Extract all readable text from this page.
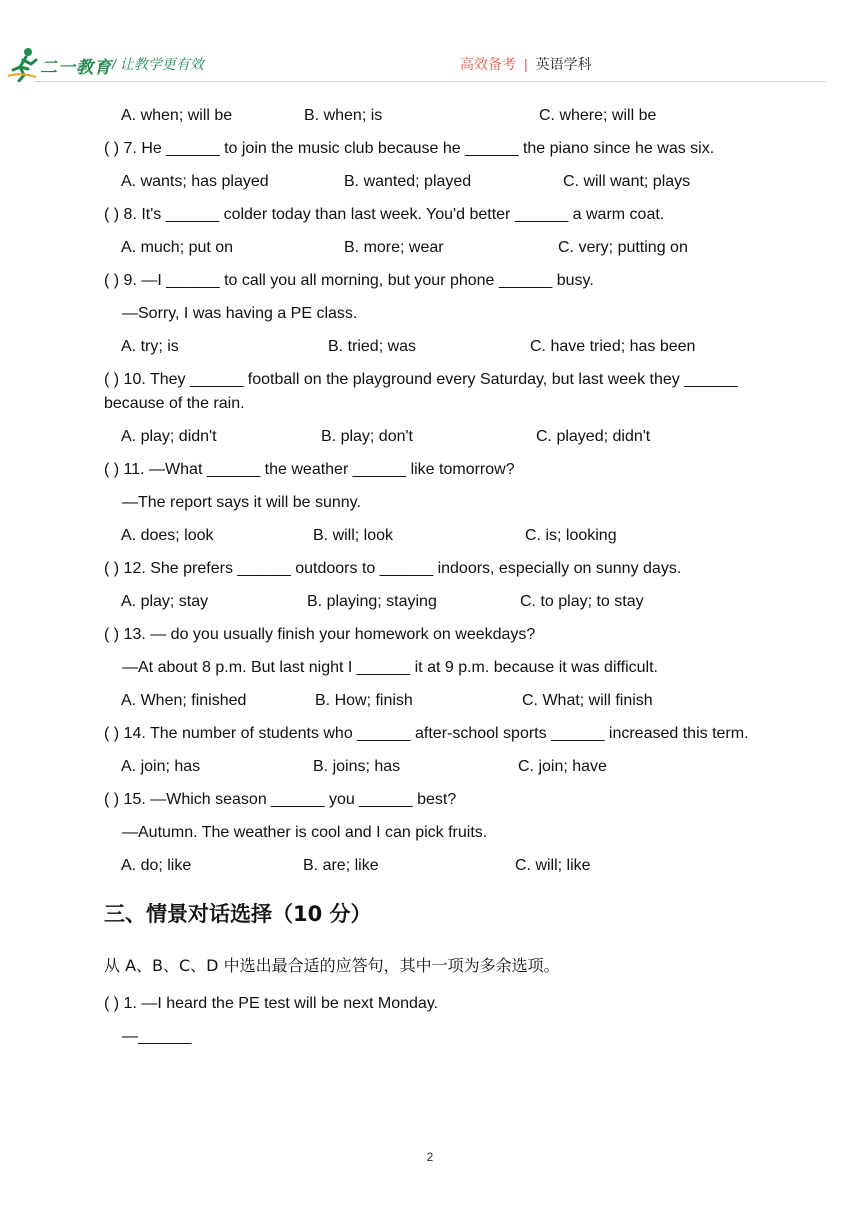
二一教育 / 让教学更有效	高效备考 | 英语学科
A. when; will be	B. when; is	C. where; will be

( ) 7. He ______ to join the music club because he ______ the piano since he was six.

A. wants; has played	B. wanted; played	C. will want; plays

( ) 8. It's ______ colder today than last week. You'd better ______ a warm coat.

A. much; put on	B. more; wear	C. very; putting on

( ) 9. —I ______ to call you all morning, but your phone ______ busy.

—Sorry, I was having a PE class.

A. try; is	B. tried; was	C. have tried; has been

( ) 10. They ______ football on the playground every Saturday, but last week they ______ because of the rain.

A. play; didn't	B. play; don't	C. played; didn't

( ) 11. —What ______ the weather ______ like tomorrow?

—The report says it will be sunny.

A. does; look	B. will; look	C. is; looking

( ) 12. She prefers ______ outdoors to ______ indoors, especially on sunny days.

A. play; stay	B. playing; staying	C. to play; to stay

( ) 13. — do you usually finish your homework on weekdays?

—At about 8 p.m. But last night I ______ it at 9 p.m. because it was difficult.

A. When; finished	B. How; finish	C. What; will finish

( ) 14. The number of students who ______ after-school sports ______ increased this term.

A. join; has	B. joins; has	C. join; have

( ) 15. —Which season ______ you ______ best?

—Autumn. The weather is cool and I can pick fruits.

A. do; like	B. are; like	C. will; like
三、情景对话选择（10 分）

从 A、B、C、D 中选出最合适的应答句，其中一项为多余选项。

( ) 1. —I heard the PE test will be next Monday.

—______

2
